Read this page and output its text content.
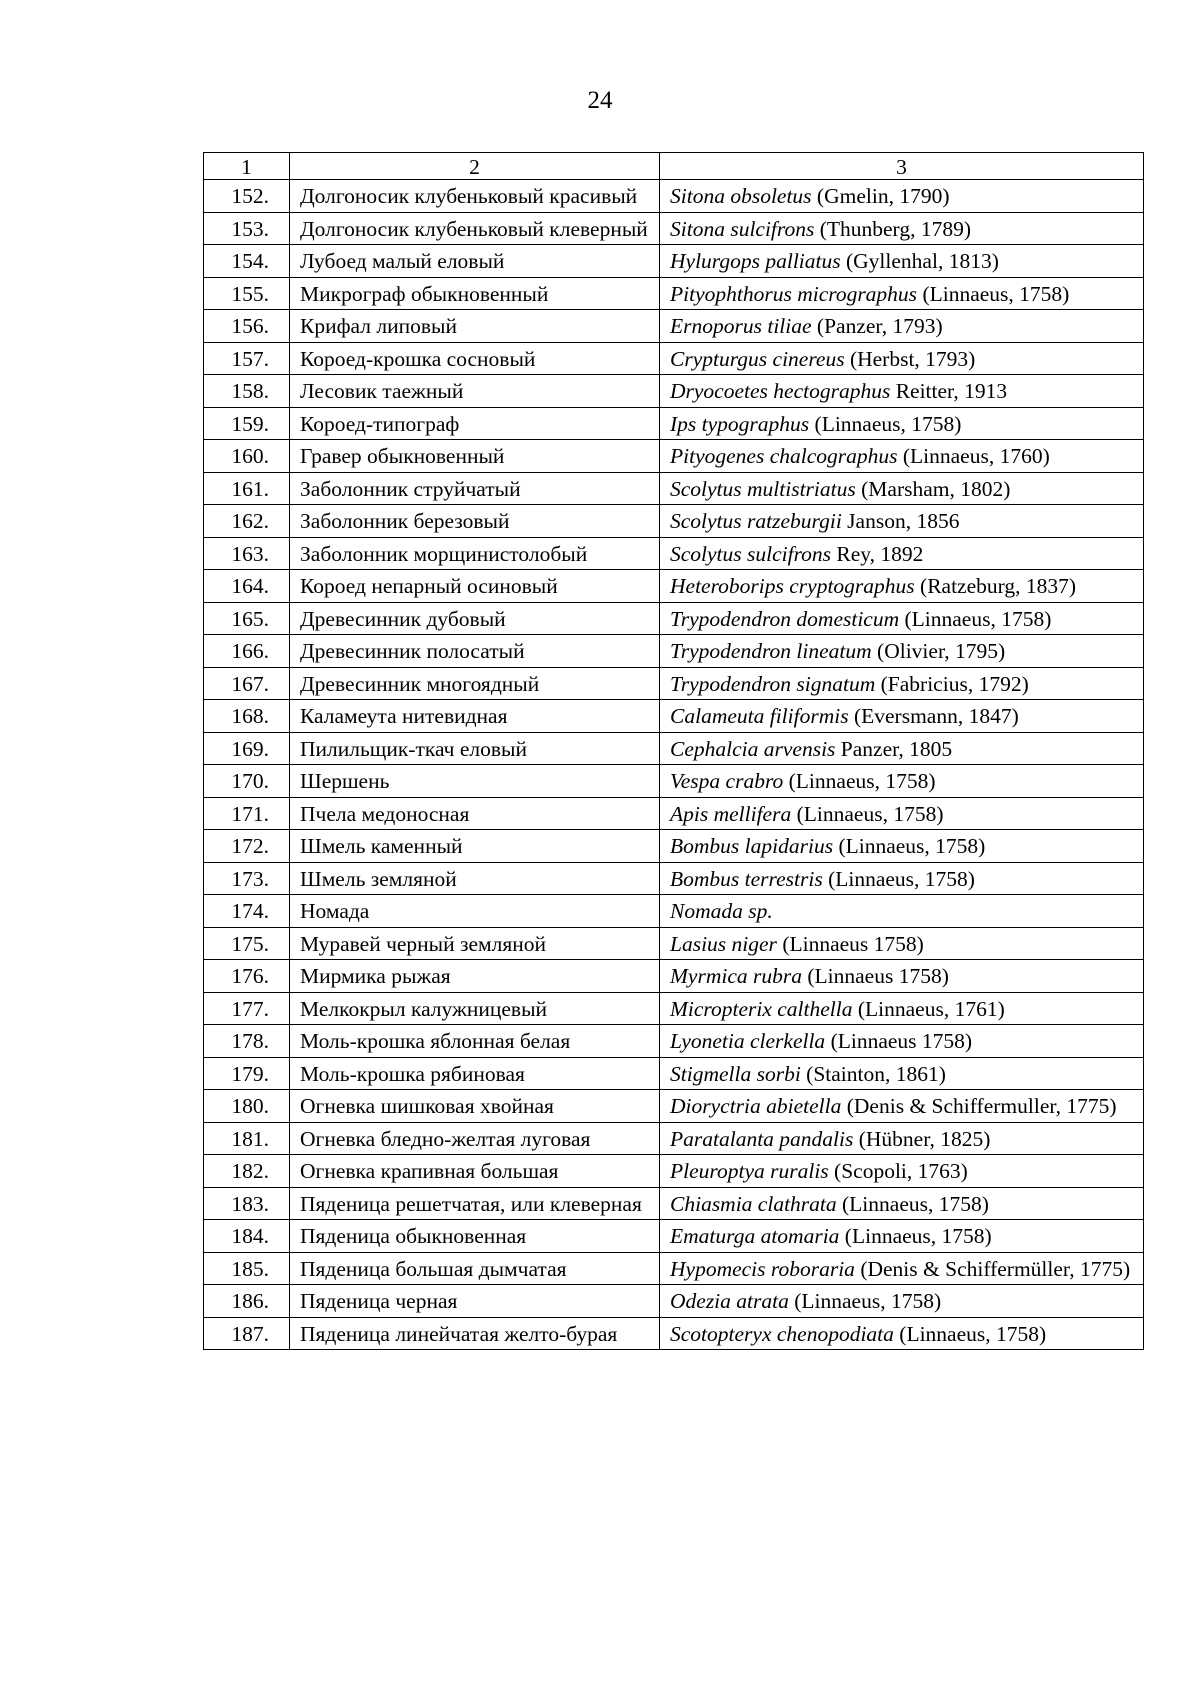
24
1	2	3
152.	Долгоносик клубеньковый красивый	Sitona obsoletus (Gmelin, 1790)
153.	Долгоносик клубеньковый клеверный	Sitona sulcifrons (Thunberg, 1789)
154.	Лубоед малый еловый	Hylurgops palliatus (Gyllenhal, 1813)
155.	Микрограф обыкновенный	Pityophthorus micrographus (Linnaeus, 1758)
156.	Крифал липовый	Ernoporus tiliae (Panzer, 1793)
157.	Короед-крошка сосновый	Crypturgus cinereus (Herbst, 1793)
158.	Лесовик таежный	Dryocoetes hectographus Reitter, 1913
159.	Короед-типограф	Ips typographus (Linnaeus, 1758)
160.	Гравер обыкновенный	Pityogenes chalcographus (Linnaeus, 1760)
161.	Заболонник струйчатый	Scolytus multistriatus (Marsham, 1802)
162.	Заболонник березовый	Scolytus ratzeburgii Janson, 1856
163.	Заболонник морщинистолобый	Scolytus sulcifrons Rey, 1892
164.	Короед непарный осиновый	Heteroborips cryptographus (Ratzeburg, 1837)
165.	Древесинник дубовый	Trypodendron domesticum (Linnaeus, 1758)
166.	Древесинник полосатый	Trypodendron lineatum (Olivier, 1795)
167.	Древесинник многоядный	Trypodendron signatum (Fabricius, 1792)
168.	Каламеута нитевидная	Calameuta filiformis (Eversmann, 1847)
169.	Пилильщик-ткач еловый	Cephalcia arvensis Panzer, 1805
170.	Шершень	Vespa crabro (Linnaeus, 1758)
171.	Пчела медоносная	Apis mellifera (Linnaeus, 1758)
172.	Шмель каменный	Bombus lapidarius (Linnaeus, 1758)
173.	Шмель земляной	Bombus terrestris (Linnaeus, 1758)
174.	Номада	Nomada sp.
175.	Муравей черный земляной	Lasius niger (Linnaeus 1758)
176.	Мирмика рыжая	Myrmica rubra (Linnaeus 1758)
177.	Мелкокрыл калужницевый	Micropterix calthella (Linnaeus, 1761)
178.	Моль-крошка яблонная белая	Lyonetia clerkella (Linnaeus 1758)
179.	Моль-крошка рябиновая	Stigmella sorbi (Stainton, 1861)
180.	Огневка шишковая хвойная	Dioryctria abietella (Denis & Schiffermuller, 1775)
181.	Огневка бледно-желтая луговая	Paratalanta pandalis (Hübner, 1825)
182.	Огневка крапивная большая	Pleuroptya ruralis (Scopoli, 1763)
183.	Пяденица решетчатая, или клеверная	Chiasmia clathrata (Linnaeus, 1758)
184.	Пяденица обыкновенная	Ematurga atomaria (Linnaeus, 1758)
185.	Пяденица большая дымчатая	Hypomecis roboraria (Denis & Schiffermüller, 1775)
186.	Пяденица черная	Odezia atrata (Linnaeus, 1758)
187.	Пяденица линейчатая желто-бурая	Scotopteryx chenopodiata (Linnaeus, 1758)
